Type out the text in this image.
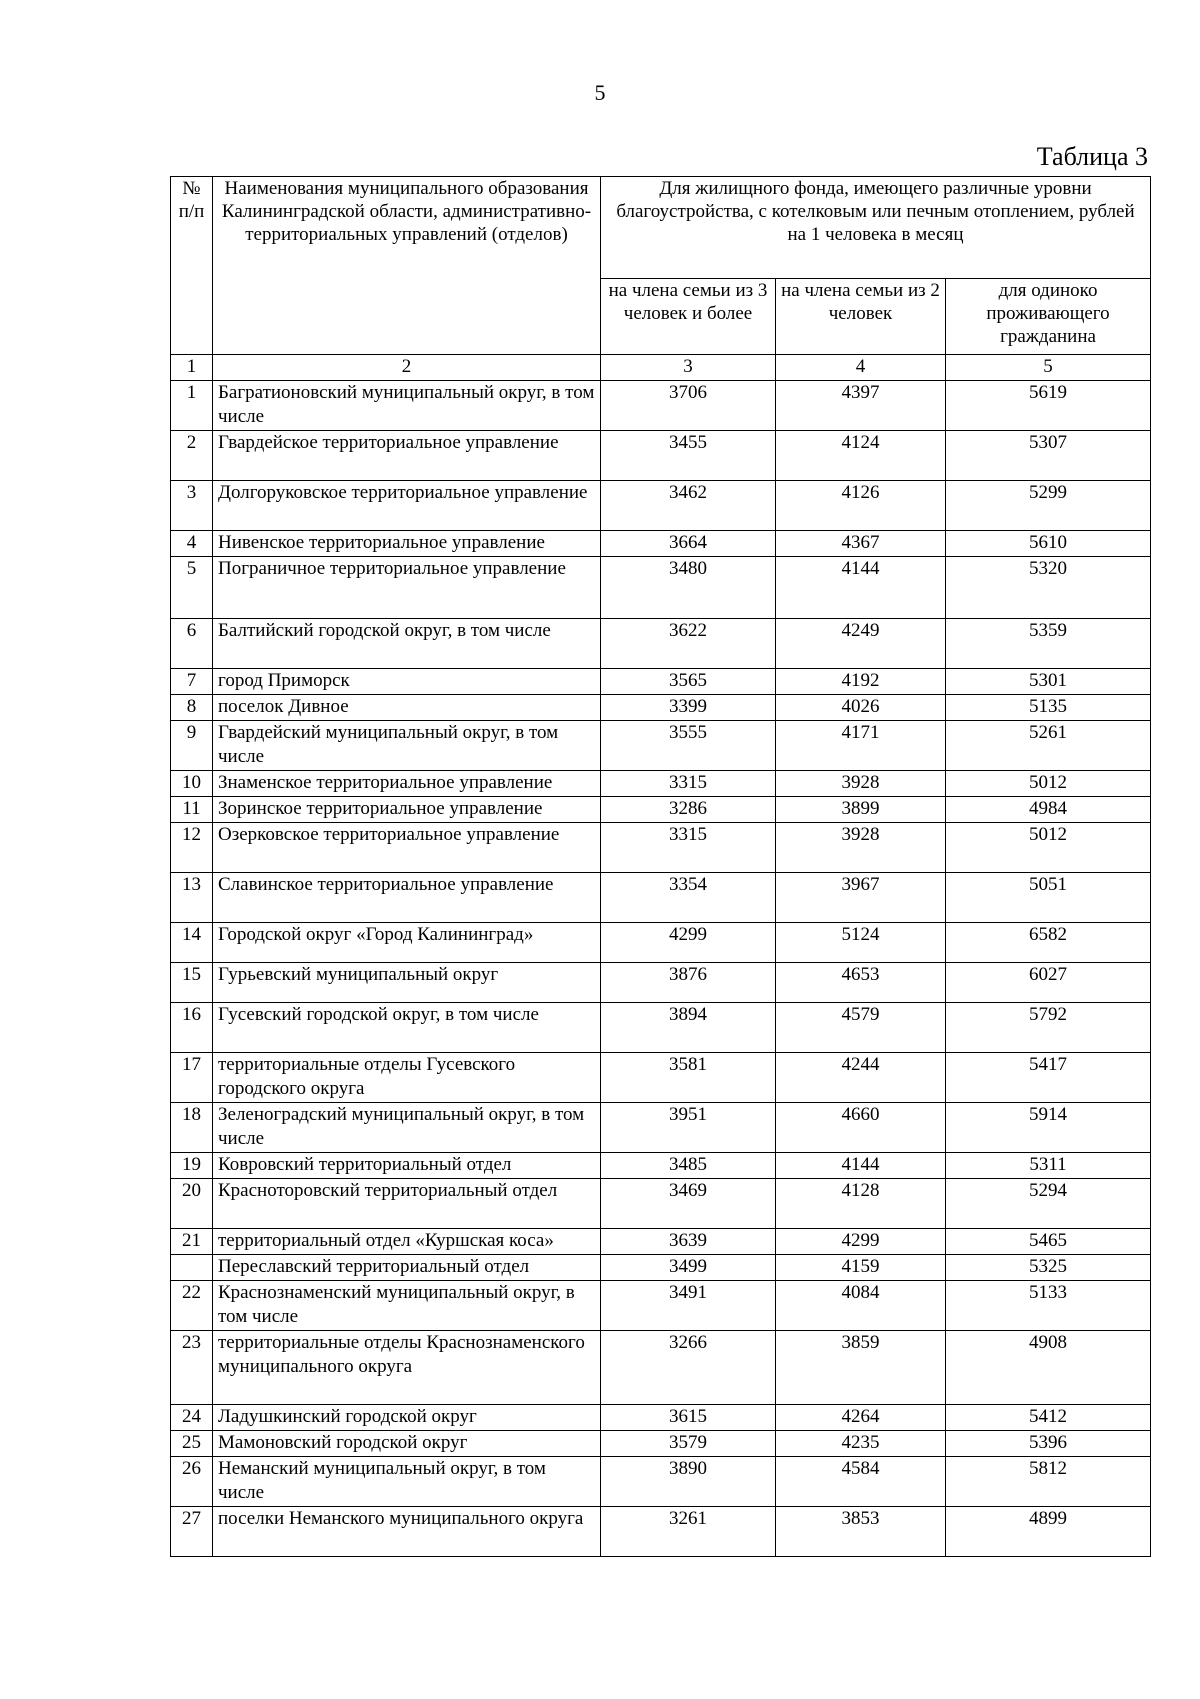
5
Таблица 3
№ п/п	Наименования муниципального образования Калининградской области, административно-территориальных управлений (отделов)	Для жилищного фонда, имеющего различные уровни благоустройства, с котелковым или печным отоплением, рублей на 1 человека в месяц		
		на члена семьи из 3 человек и более	на члена семьи из 2 человек	для одиноко проживающего гражданина
1	2	3	4	5
1	Багратионовский муниципальный округ, в том числе	3706	4397	5619
2	Гвардейское территориальное управление	3455	4124	5307
3	Долгоруковское территориальное управление	3462	4126	5299
4	Нивенское территориальное управление	3664	4367	5610
5	Пограничное территориальное управление	3480	4144	5320
6	Балтийский городской округ, в том числе	3622	4249	5359
7	город Приморск	3565	4192	5301
8	поселок Дивное	3399	4026	5135
9	Гвардейский муниципальный округ, в том числе	3555	4171	5261
10	Знаменское территориальное управление	3315	3928	5012
11	Зоринское территориальное управление	3286	3899	4984
12	Озерковское территориальное управление	3315	3928	5012
13	Славинское территориальное управление	3354	3967	5051
14	Городской округ «Город Калининград»	4299	5124	6582
15	Гурьевский муниципальный округ	3876	4653	6027
16	Гусевский городской округ, в том числе	3894	4579	5792
17	территориальные отделы Гусевского городского округа	3581	4244	5417
18	Зеленоградский муниципальный округ, в том числе	3951	4660	5914
19	Ковровский территориальный отдел	3485	4144	5311
20	Красноторовский территориальный отдел	3469	4128	5294
21	территориальный отдел «Куршская коса»	3639	4299	5465
	Переславский территориальный отдел	3499	4159	5325
22	Краснознаменский муниципальный округ, в том числе	3491	4084	5133
23	территориальные отделы Краснознаменского муниципального округа	3266	3859	4908
24	Ладушкинский городской округ	3615	4264	5412
25	Мамоновский городской округ	3579	4235	5396
26	Неманский муниципальный округ, в том числе	3890	4584	5812
27	поселки Неманского муниципального округа	3261	3853	4899
